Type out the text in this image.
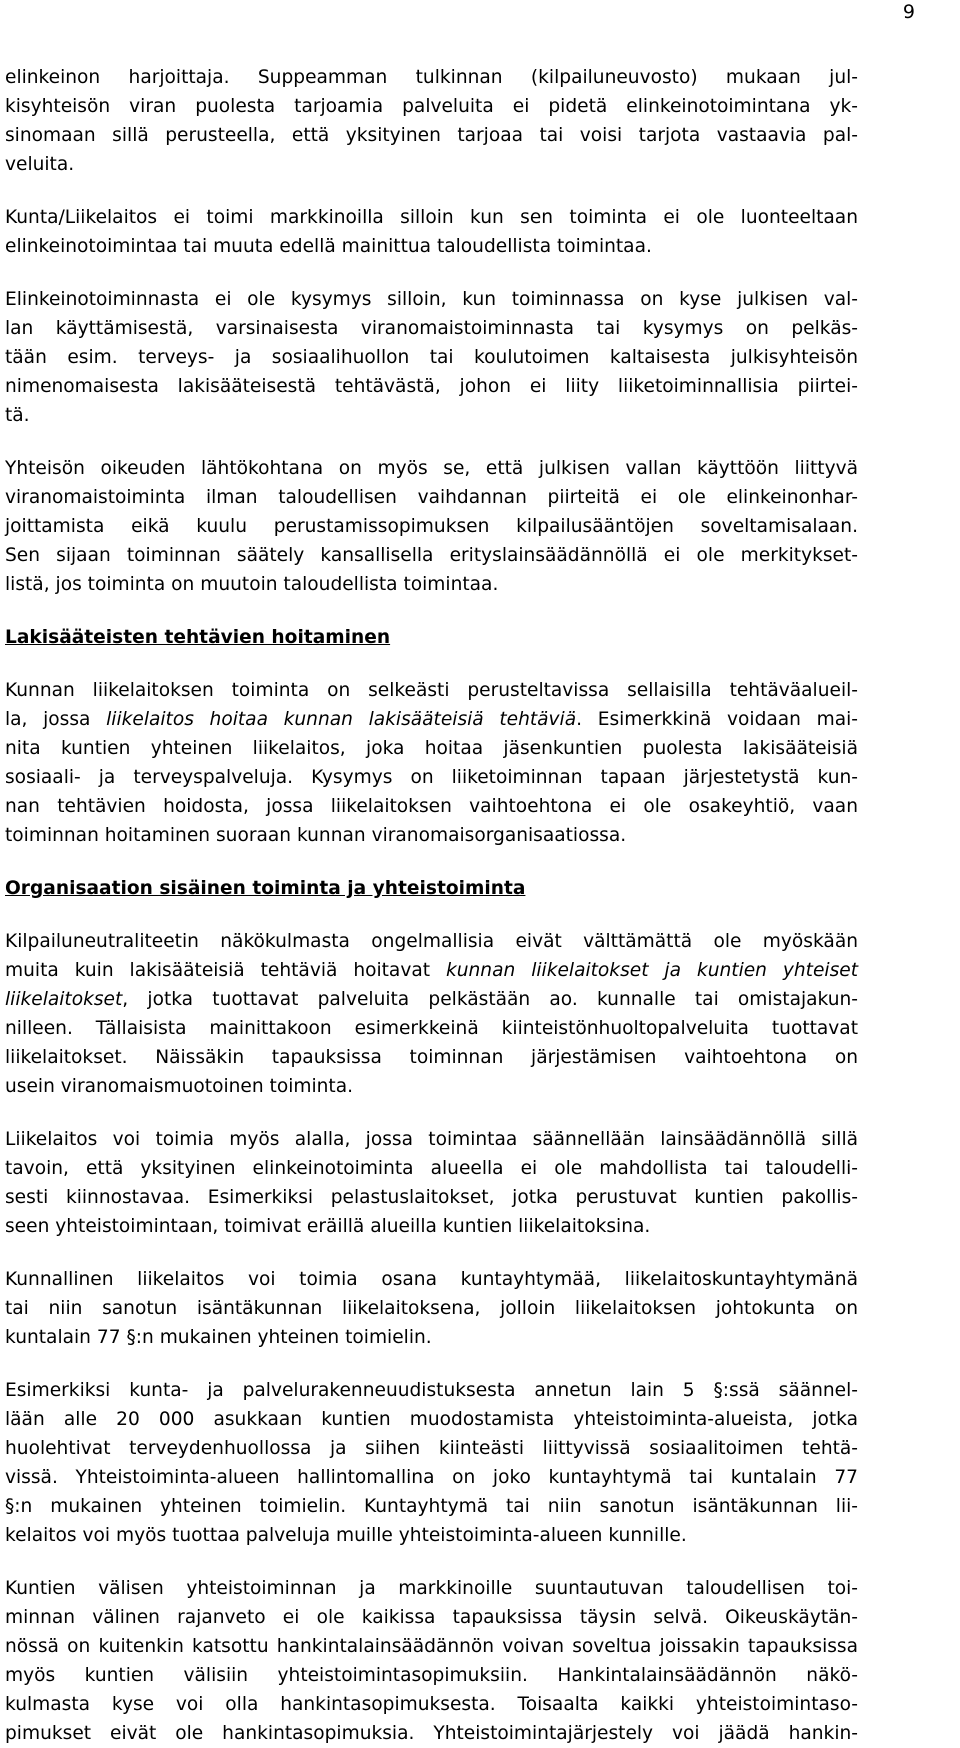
9
elinkeinon harjoittaja. Suppeamman tulkinnan (kilpailuneuvosto) mukaan jul-
kisyhteisön viran puolesta tarjoamia palveluita ei pidetä elinkeinotoimintana yk-
sinomaan sillä perusteella, että yksityinen tarjoaa tai voisi tarjota vastaavia pal-
veluita.
Kunta/Liikelaitos ei toimi markkinoilla silloin kun sen toiminta ei ole luonteeltaan
elinkeinotoimintaa tai muuta edellä mainittua taloudellista toimintaa.
Elinkeinotoiminnasta ei ole kysymys silloin, kun toiminnassa on kyse julkisen val-
lan käyttämisestä, varsinaisesta viranomaistoiminnasta tai kysymys on pelkäs-
tään esim. terveys- ja sosiaalihuollon tai koulutoimen kaltaisesta julkisyhteisön
nimenomaisesta lakisääteisestä tehtävästä, johon ei liity liiketoiminnallisia piirtei-
tä.
Yhteisön oikeuden lähtökohtana on myös se, että julkisen vallan käyttöön liittyvä
viranomaistoiminta ilman taloudellisen vaihdannan piirteitä ei ole elinkeinonhar-
joittamista eikä kuulu perustamissopimuksen kilpailusääntöjen soveltamisalaan.
Sen sijaan toiminnan säätely kansallisella erityslainsäädännöllä ei ole merkitykset-
listä, jos toiminta on muutoin taloudellista toimintaa.
Lakisääteisten tehtävien hoitaminen
Kunnan liikelaitoksen toiminta on selkeästi perusteltavissa sellaisilla tehtäväalueil-
la, jossa liikelaitos hoitaa kunnan lakisääteisiä tehtäviä. Esimerkkinä voidaan mai-
nita kuntien yhteinen liikelaitos, joka hoitaa jäsenkuntien puolesta lakisääteisiä
sosiaali- ja terveyspalveluja. Kysymys on liiketoiminnan tapaan järjestetystä kun-
nan tehtävien hoidosta, jossa liikelaitoksen vaihtoehtona ei ole osakeyhtiö, vaan
toiminnan hoitaminen suoraan kunnan viranomaisorganisaatiossa.
Organisaation sisäinen toiminta ja yhteistoiminta
Kilpailuneutraliteetin näkökulmasta ongelmallisia eivät välttämättä ole myöskään
muita kuin lakisääteisiä tehtäviä hoitavat kunnan liikelaitokset ja kuntien yhteiset
liikelaitokset, jotka tuottavat palveluita pelkästään ao. kunnalle tai omistajakun-
nilleen. Tällaisista mainittakoon esimerkkeinä kiinteistönhuoltopalveluita tuottavat
liikelaitokset. Näissäkin tapauksissa toiminnan järjestämisen vaihtoehtona on
usein viranomaismuotoinen toiminta.
Liikelaitos voi toimia myös alalla, jossa toimintaa säännellään lainsäädännöllä sillä
tavoin, että yksityinen elinkeinotoiminta alueella ei ole mahdollista tai taloudelli-
sesti kiinnostavaa. Esimerkiksi pelastuslaitokset, jotka perustuvat kuntien pakollis-
seen yhteistoimintaan, toimivat eräillä alueilla kuntien liikelaitoksina.
Kunnallinen liikelaitos voi toimia osana kuntayhtymää, liikelaitoskuntayhtymänä
tai niin sanotun isäntäkunnan liikelaitoksena, jolloin liikelaitoksen johtokunta on
kuntalain 77 §:n mukainen yhteinen toimielin.
Esimerkiksi kunta- ja palvelurakenneuudistuksesta annetun lain 5 §:ssä säännel-
lään alle 20 000 asukkaan kuntien muodostamista yhteistoiminta-alueista, jotka
huolehtivat terveydenhuollossa ja siihen kiinteästi liittyvissä sosiaalitoimen tehtä-
vissä. Yhteistoiminta-alueen hallintomallina on joko kuntayhtymä tai kuntalain 77
§:n mukainen yhteinen toimielin. Kuntayhtymä tai niin sanotun isäntäkunnan lii-
kelaitos voi myös tuottaa palveluja muille yhteistoiminta-alueen kunnille.
Kuntien välisen yhteistoiminnan ja markkinoille suuntautuvan taloudellisen toi-
minnan välinen rajanveto ei ole kaikissa tapauksissa täysin selvä. Oikeuskäytän-
nössä on kuitenkin katsottu hankintalainsäädännön voivan soveltua joissakin tapauksissa
myös kuntien välisiin yhteistoimintasopimuksiin. Hankintalainsäädännön näkö-
kulmasta kyse voi olla hankintasopimuksesta. Toisaalta kaikki yhteistoimintaso-
pimukset eivät ole hankintasopimuksia. Yhteistoimintajärjestely voi jäädä hankin-
